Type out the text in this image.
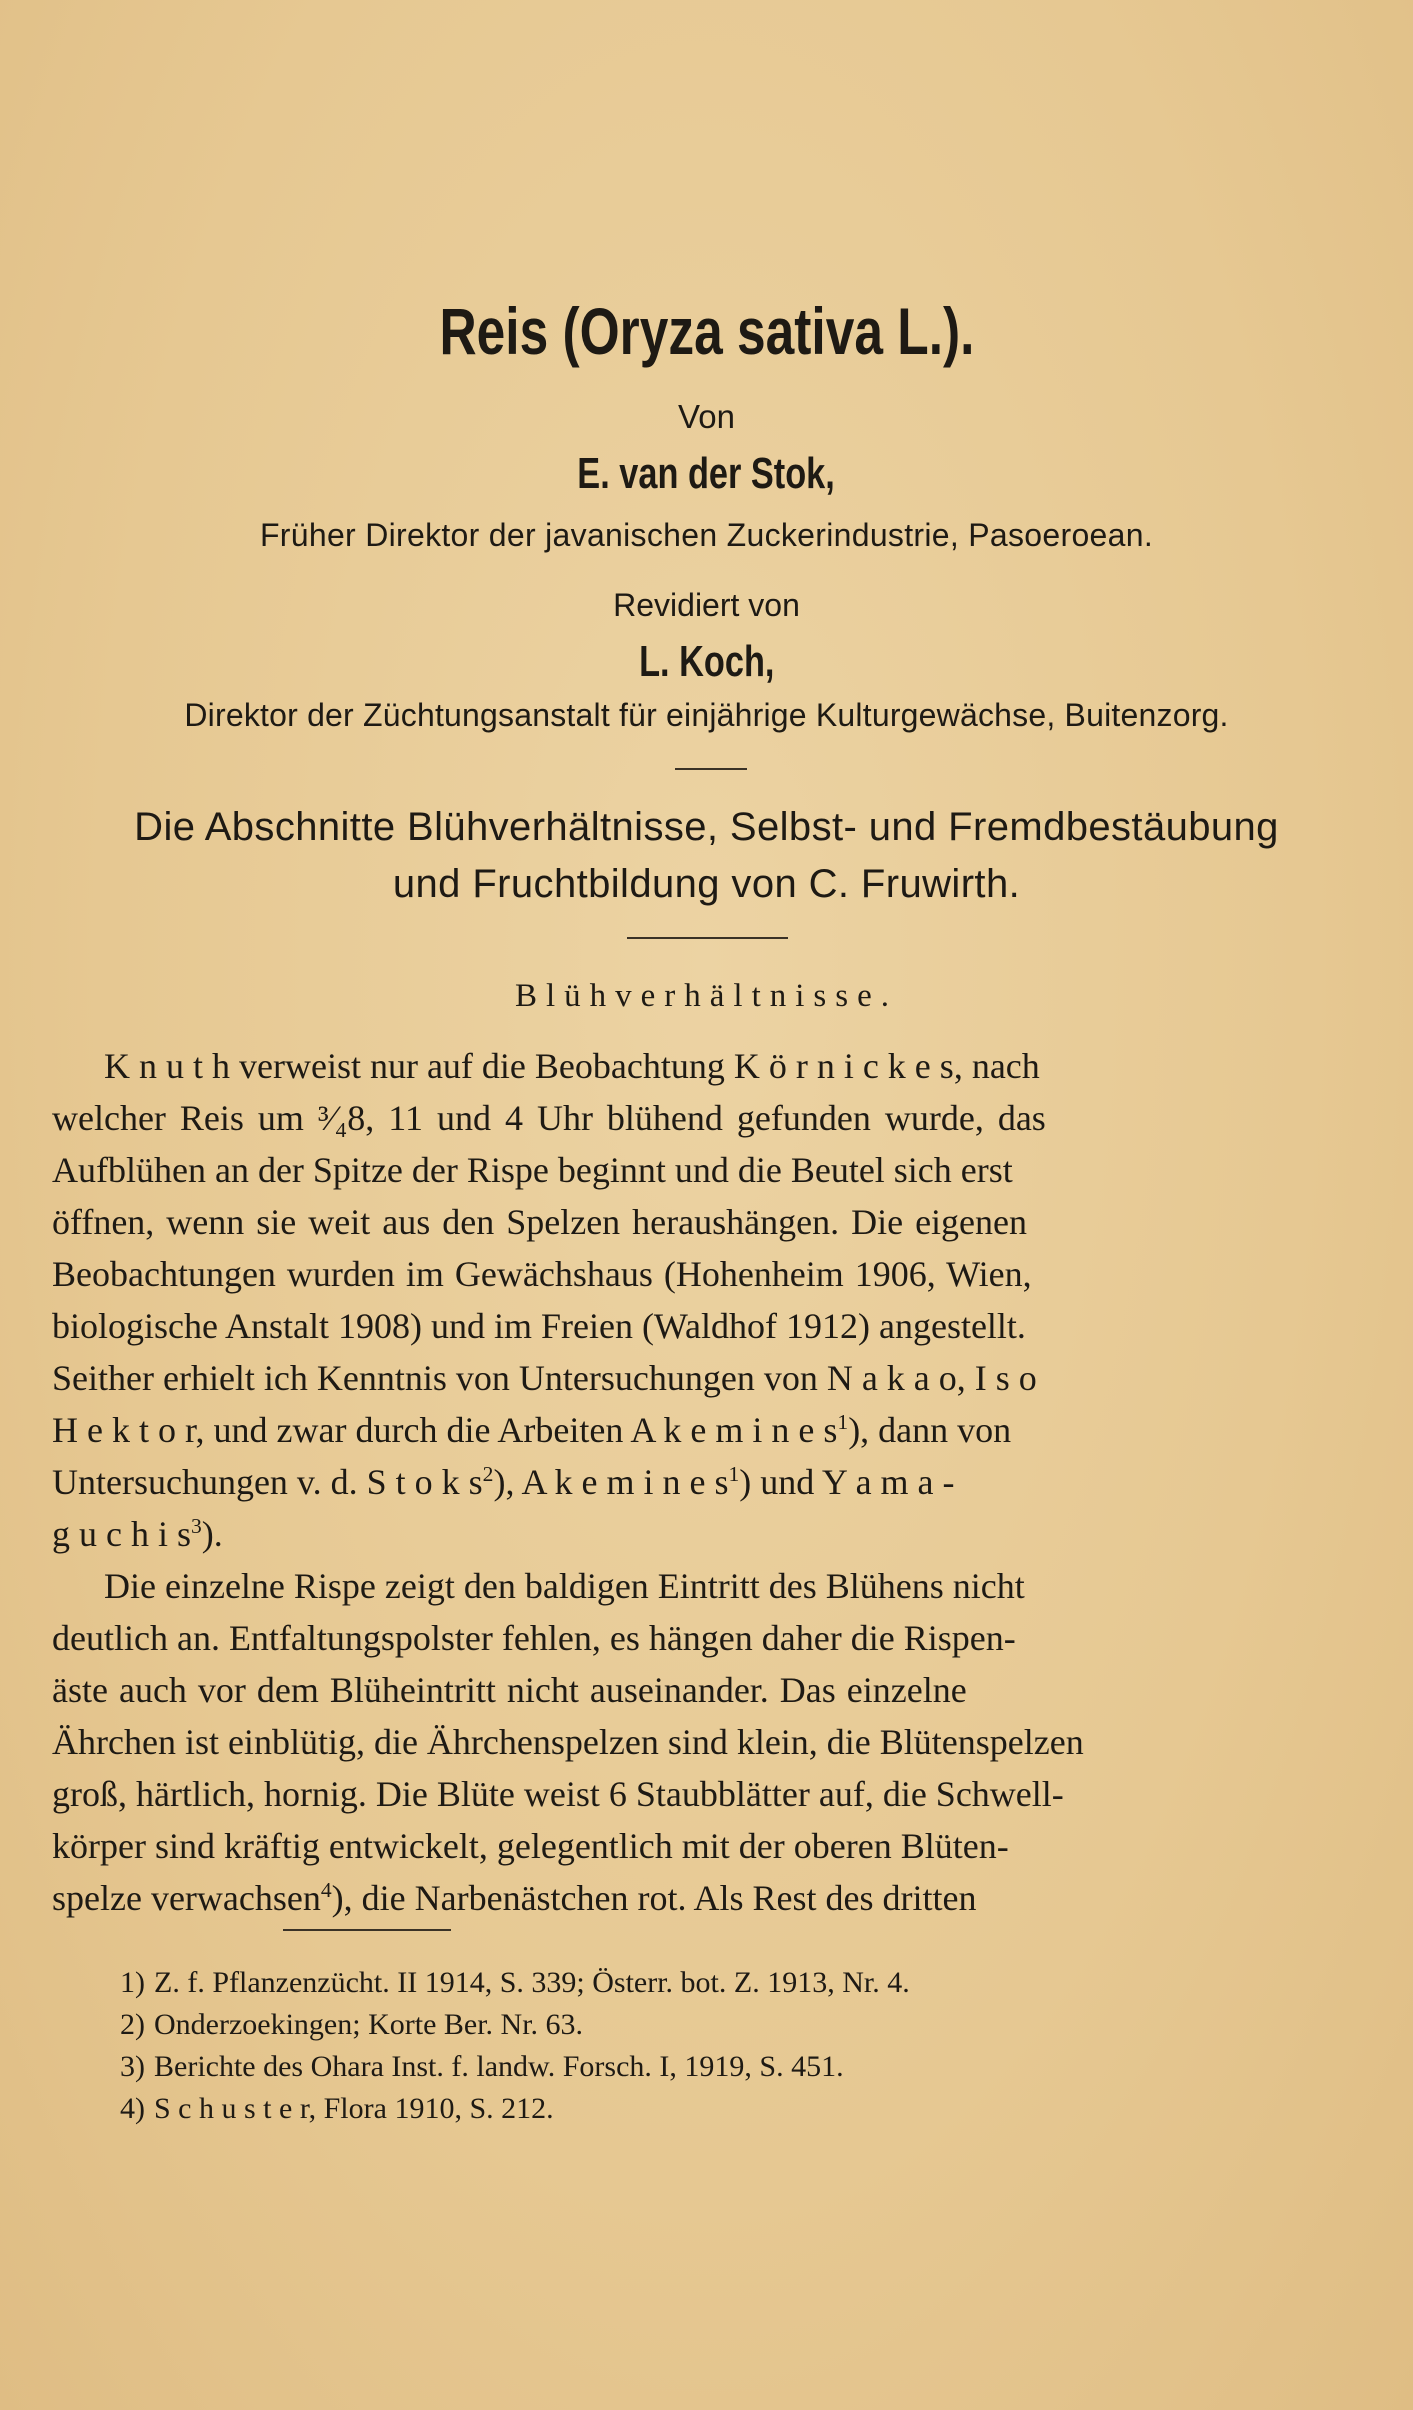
Reis (Oryza sativa L.).
Von
E. van der Stok,
Früher Direktor der javanischen Zuckerindustrie, Pasoeroean.
Revidiert von
L. Koch,
Direktor der Züchtungsanstalt für einjährige Kulturgewächse, Buitenzorg.
Die Abschnitte Blühverhältnisse, Selbst- und Fremdbestäubung
und Fruchtbildung von C. Fruwirth.
Blühverhältnisse.
K n u t h verweist nur auf die Beobachtung K ö r n i c k e s, nach
welcher Reis um ³⁄₄8, 11 und 4 Uhr blühend gefunden wurde, das
Aufblühen an der Spitze der Rispe beginnt und die Beutel sich erst
öffnen, wenn sie weit aus den Spelzen heraushängen. Die eigenen
Beobachtungen wurden im Gewächshaus (Hohenheim 1906, Wien,
biologische Anstalt 1908) und im Freien (Waldhof 1912) angestellt.
Seither erhielt ich Kenntnis von Untersuchungen von N a k a o, I s o
H e k t o r, und zwar durch die Arbeiten A k e m i n e $s^1$), dann von
Untersuchungen v. d. S t o k $s^2$), A k e m i n e $s^1$) und Y a m a -
g u c h i $s^3$).
Die einzelne Rispe zeigt den baldigen Eintritt des Blühens nicht
deutlich an. Entfaltungspolster fehlen, es hängen daher die Rispen-
äste auch vor dem Blüheintritt nicht auseinander. Das einzelne
Ährchen ist einblütig, die Ährchenspelzen sind klein, die Blütenspelzen
groß, härtlich, hornig. Die Blüte weist 6 Staubblätter auf, die Schwell-
körper sind kräftig entwickelt, gelegentlich mit der oberen Blüten-
spelze verwachsen$^4$), die Narbenästchen rot. Als Rest des dritten
1) Z. f. Pflanzenzücht. II 1914, S. 339; Österr. bot. Z. 1913, Nr. 4.
2) Onderzoekingen; Korte Ber. Nr. 63.
3) Berichte des Ohara Inst. f. landw. Forsch. I, 1919, S. 451.
4) S c h u s t e r, Flora 1910, S. 212.
